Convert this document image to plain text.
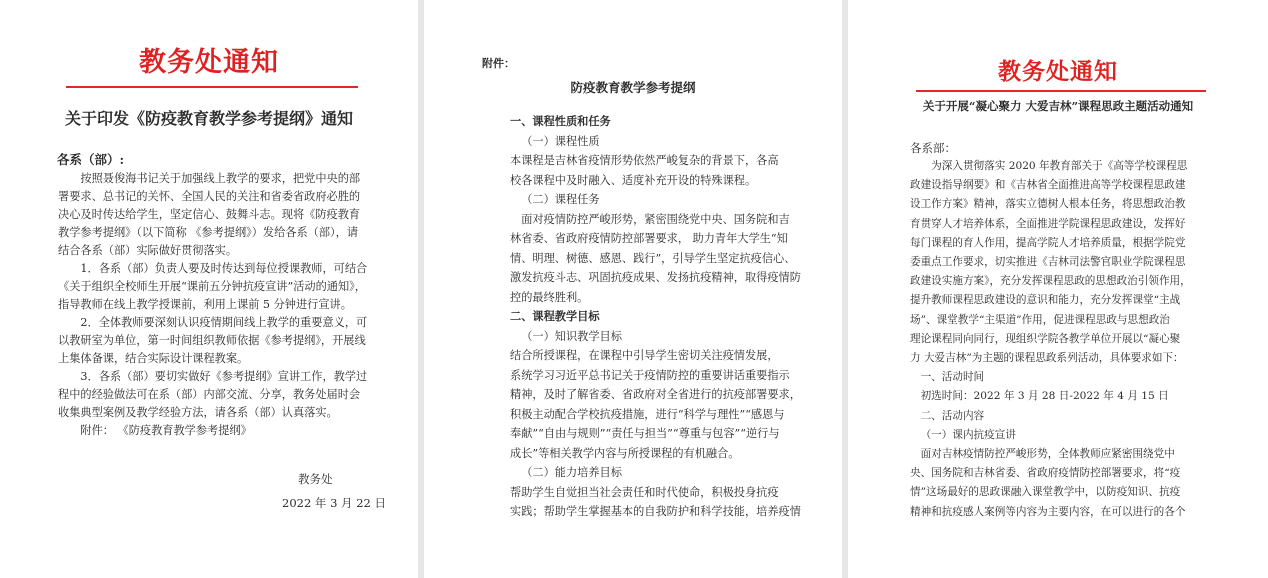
教务处通知
关于印发《防疫教育教学参考提纲》通知
各系（部）:
按照聂俊海书记关于加强线上教学的要求，把党中央的部
署要求、总书记的关怀、全国人民的关注和省委省政府必胜的
决心及时传达给学生，坚定信心、鼓舞斗志。现将《防疫教育
教学参考提纲》（以下简称 《参考提纲》）发给各系（部），请
结合各系（部）实际做好贯彻落实。
1．各系（部）负责人要及时传达到每位授课教师，可结合
《关于组织全校师生开展“课前五分钟抗疫宣讲”活动的通知》，
指导教师在线上教学授课前，利用上课前 5 分钟进行宣讲。
2．全体教师要深刻认识疫情期间线上教学的重要意义，可
以教研室为单位，第一时间组织教师依据《参考提纲》，开展线
上集体备课，结合实际设计课程教案。
3．各系（部）要切实做好《参考提纲》宣讲工作，教学过
程中的经验做法可在系（部）内部交流、分享，教务处届时会
收集典型案例及教学经验方法，请各系（部）认真落实。
附件： 《防疫教育教学参考提纲》
教务处
2022 年 3 月 22 日
附件：
防疫教育教学参考提纲
一、课程性质和任务
（一）课程性质
本课程是吉林省疫情形势依然严峻复杂的背景下，各高
校各课程中及时融入、适度补充开设的特殊课程。
（二）课程任务
面对疫情防控严峻形势，紧密围绕党中央、国务院和吉
林省委、省政府疫情防控部署要求， 助力青年大学生“知
情、明理、树德、感恩、践行”，引导学生坚定抗疫信心、
激发抗疫斗志、巩固抗疫成果、发扬抗疫精神，取得疫情防
控的最终胜利。
二、课程教学目标
（一）知识教学目标
结合所授课程，在课程中引导学生密切关注疫情发展，
系统学习习近平总书记关于疫情防控的重要讲话重要指示
精神，及时了解省委、省政府对全省进行的抗疫部署要求，
积极主动配合学校抗疫措施，进行“科学与理性”“感恩与
奉献”“自由与规则”“责任与担当”“尊重与包容”“逆行与
成长”等相关教学内容与所授课程的有机融合。
（二）能力培养目标
帮助学生自觉担当社会责任和时代使命，积极投身抗疫
实践；帮助学生掌握基本的自我防护和科学技能，培养疫情
教务处通知
关于开展“凝心聚力 大爱吉林”课程思政主题活动通知
各系部：
为深入贯彻落实 2020 年教育部关于《高等学校课程思
政建设指导纲要》和《吉林省全面推进高等学校课程思政建
设工作方案》精神，落实立德树人根本任务，将思想政治教
育贯穿人才培养体系，全面推进学院课程思政建设，发挥好
每门课程的育人作用，提高学院人才培养质量，根据学院党
委重点工作要求，切实推进《吉林司法警官职业学院课程思
政建设实施方案》，充分发挥课程思政的思想政治引领作用，
提升教师课程思政建设的意识和能力，充分发挥课堂“主战
场”、课堂教学“主渠道”作用，促进课程思政与思想政治
理论课程同向同行，现组织学院各教学单位开展以“凝心聚
力 大爱吉林”为主题的课程思政系列活动，具体要求如下：
一、活动时间
初选时间：2022 年 3 月 28 日-2022 年 4 月 15 日
二、活动内容
（一）课内抗疫宣讲
面对吉林疫情防控严峻形势，全体教师应紧密围绕党中
央、国务院和吉林省委、省政府疫情防控部署要求，将“疫
情”这场最好的思政课融入课堂教学中，以防疫知识、抗疫
精神和抗疫感人案例等内容为主要内容，在可以进行的各个
